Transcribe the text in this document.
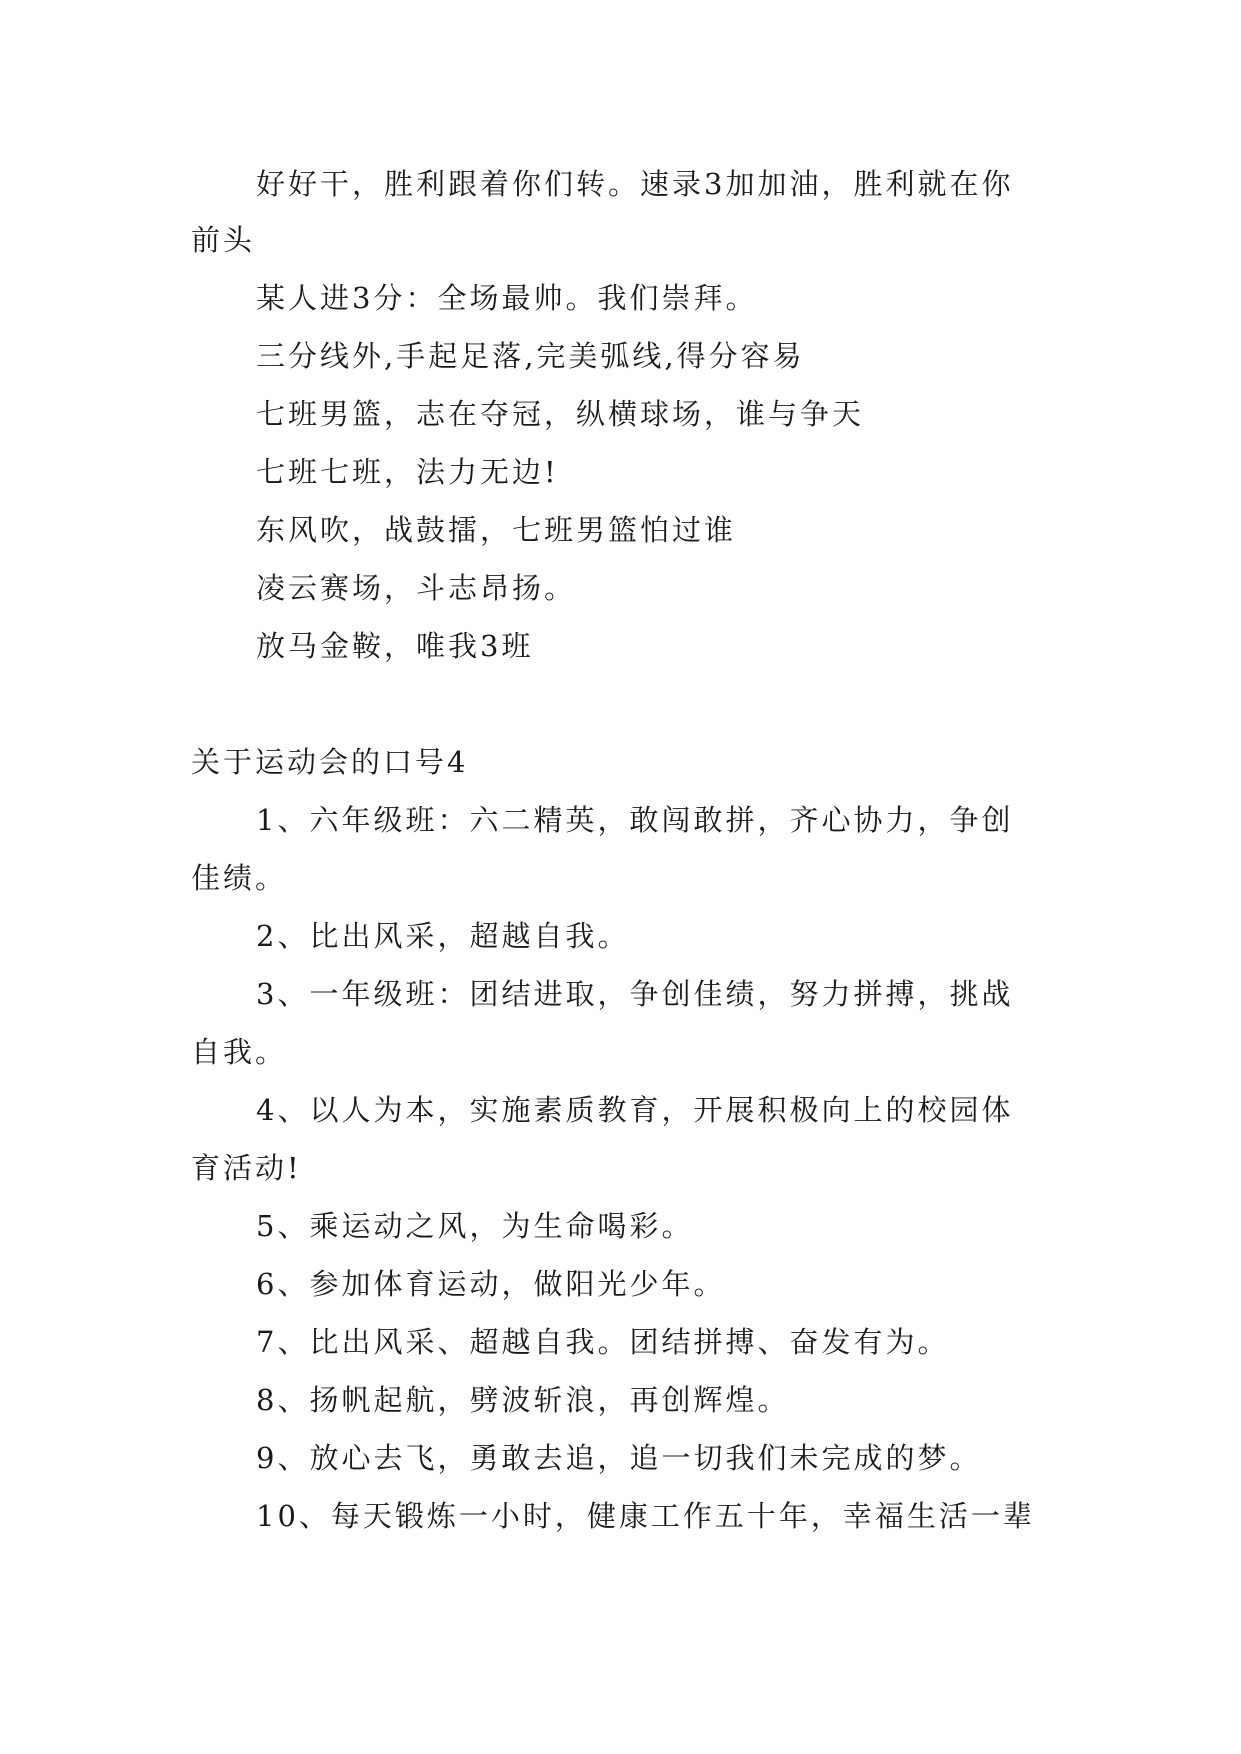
好好干，胜利跟着你们转。速录3加加油，胜利就在你
前头
某人进3分：全场最帅。我们崇拜。
三分线外,手起足落,完美弧线,得分容易
七班男篮，志在夺冠，纵横球场，谁与争天
七班七班，法力无边!
东风吹，战鼓擂，七班男篮怕过谁
凌云赛场，斗志昂扬。
放马金鞍，唯我3班
关于运动会的口号4
1、六年级班：六二精英，敢闯敢拼，齐心协力，争创
佳绩。
2、比出风采，超越自我。
3、一年级班：团结进取，争创佳绩，努力拼搏，挑战
自我。
4、以人为本，实施素质教育，开展积极向上的校园体
育活动!
5、乘运动之风，为生命喝彩。
6、参加体育运动，做阳光少年。
7、比出风采、超越自我。团结拼搏、奋发有为。
8、扬帆起航，劈波斩浪，再创辉煌。
9、放心去飞，勇敢去追，追一切我们未完成的梦。
10、每天锻炼一小时，健康工作五十年，幸福生活一辈
